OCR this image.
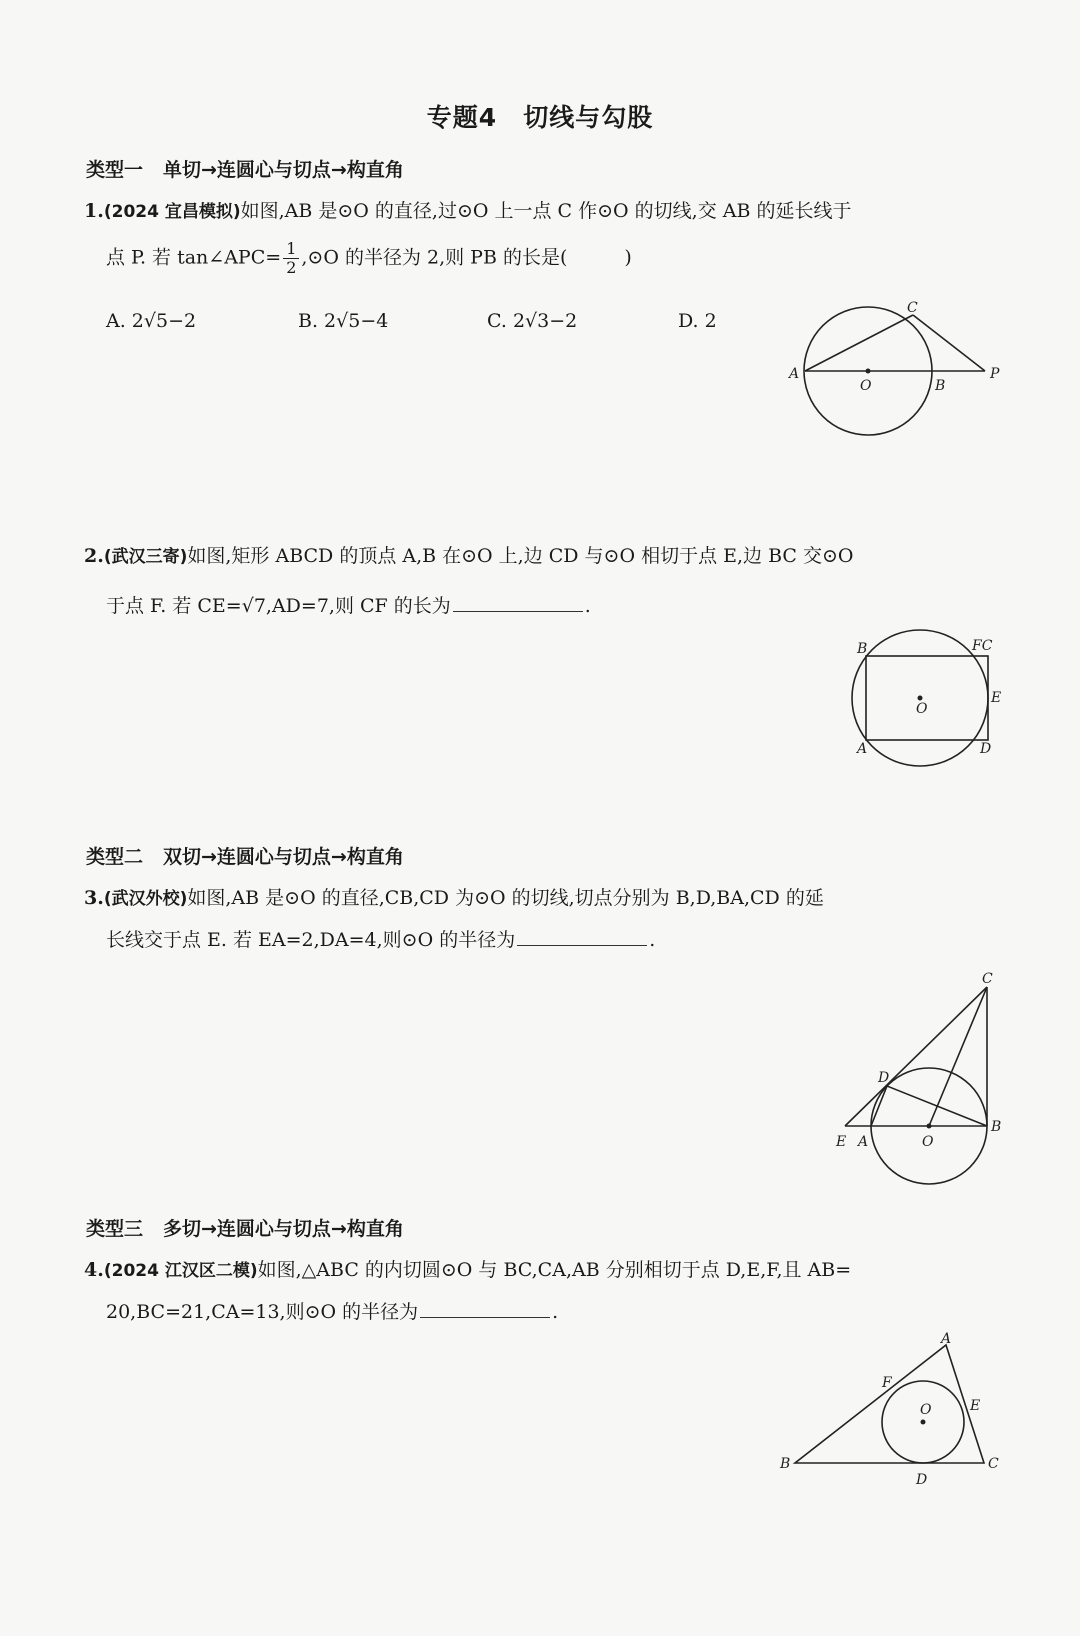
专题4　切线与勾股
类型一 单切→连圆心与切点→构直角
1.(2024 宜昌模拟)如图,AB 是⊙O 的直径,过⊙O 上一点 C 作⊙O 的切线,交 AB 的延长线于
点 P. 若 tan∠APC= $\frac{1}{2}$ ,⊙O 的半径为 2,则 PB 的长是(　　　)
A. 2√5−2	B. 2√5−4	C. 2√3−2	D. 2
A
O	B
C
P
2.(武汉三寄)如图,矩形 ABCD 的顶点 A,B 在⊙O 上,边 CD 与⊙O 相切于点 E,边 BC 交⊙O
于点 F. 若 CE=√7,AD=7,则 CF 的长为	.
B	FC
E
O
A	D
类型二 双切→连圆心与切点→构直角
3.(武汉外校)如图,AB 是⊙O 的直径,CB,CD 为⊙O 的切线,切点分别为 B,D,BA,CD 的延
长线交于点 E. 若 EA=2,DA=4,则⊙O 的半径为	.
C
D
E A	O
B
类型三 多切→连圆心与切点→构直角
4.(2024 江汉区二模)如图,△ABC 的内切圆⊙O 与 BC,CA,AB 分别相切于点 D,E,F,且 AB=
20,BC=21,CA=13,则⊙O 的半径为	.
A
F
E
O
B	C
D
